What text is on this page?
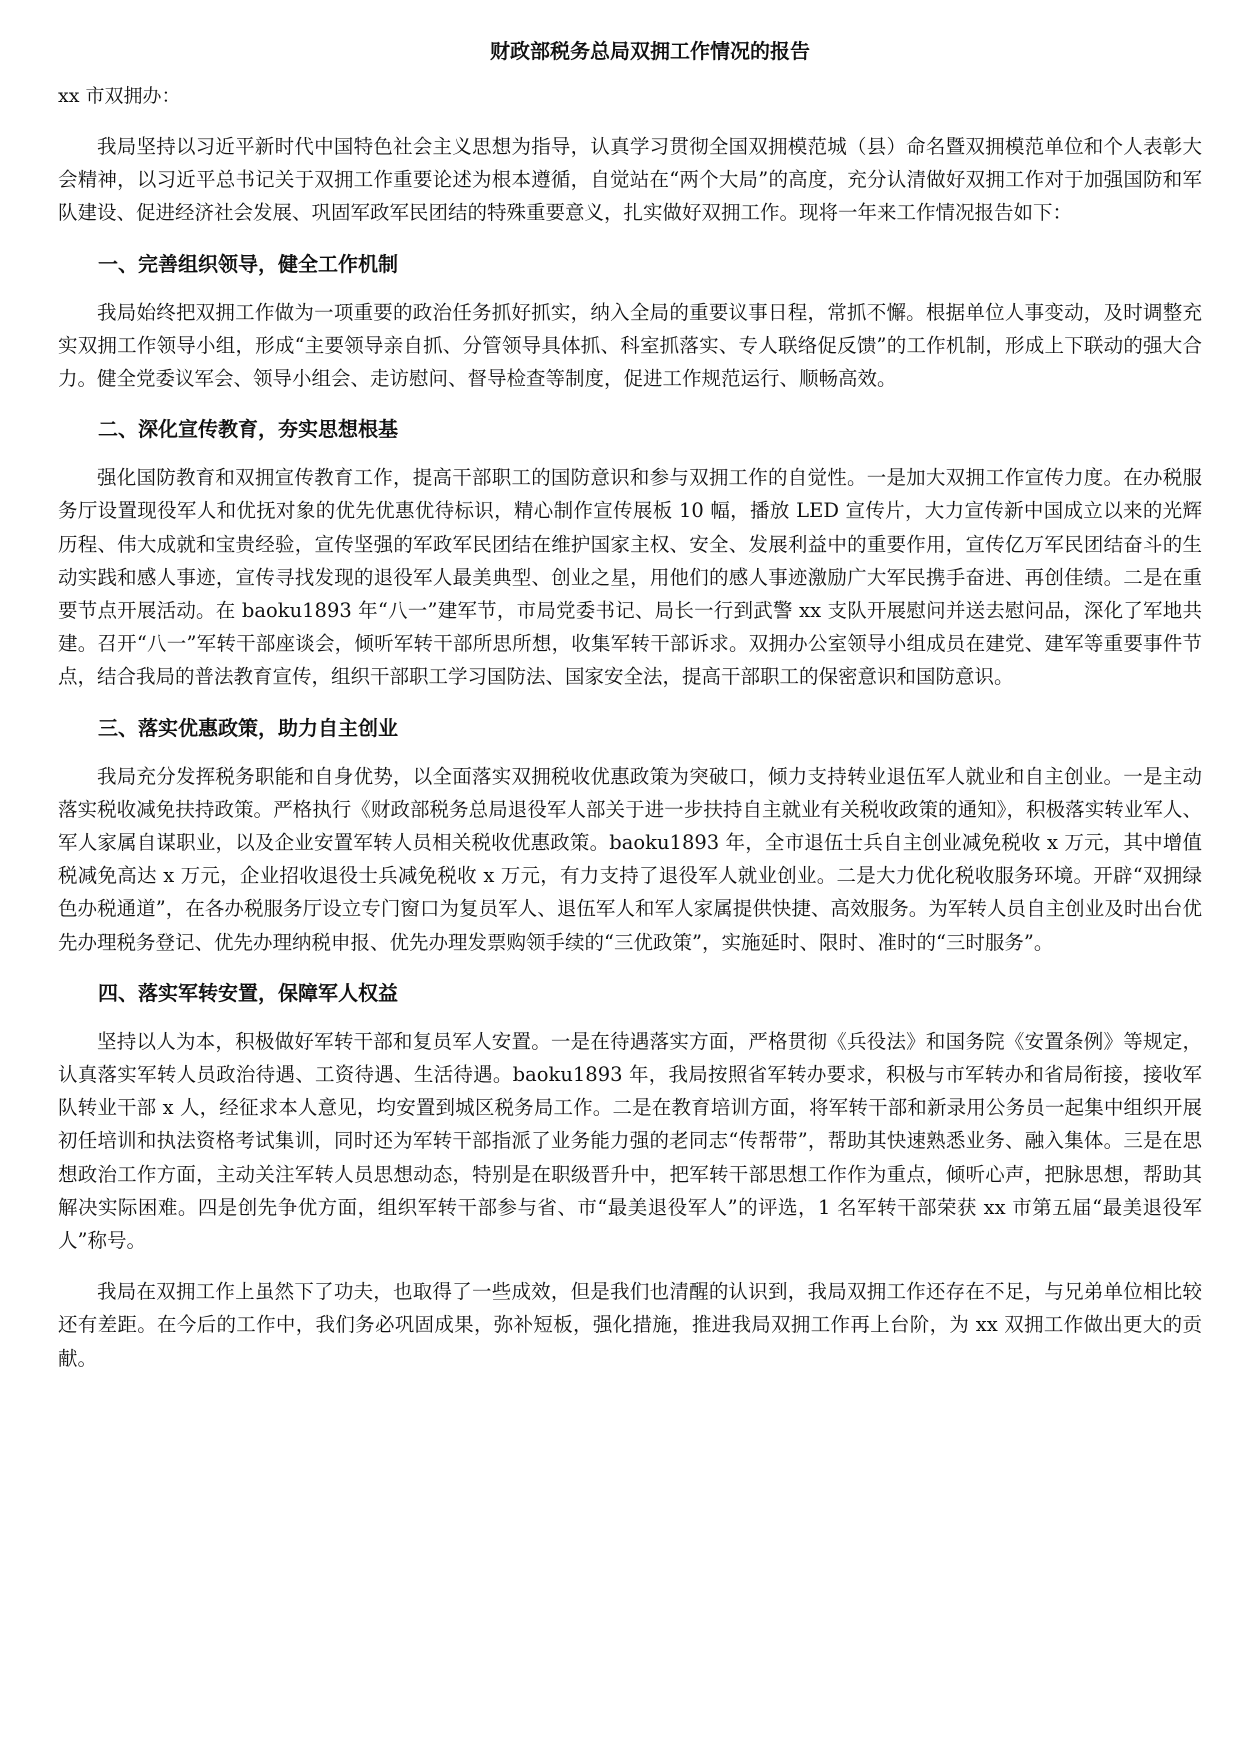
财政部税务总局双拥工作情况的报告
xx 市双拥办：

我局坚持以习近平新时代中国特色社会主义思想为指导，认真学习贯彻全国双拥模范城（县）命名暨双拥模范单位和个人表彰大会精神，以习近平总书记关于双拥工作重要论述为根本遵循，自觉站在“两个大局”的高度，充分认清做好双拥工作对于加强国防和军队建设、促进经济社会发展、巩固军政军民团结的特殊重要意义，扎实做好双拥工作。现将一年来工作情况报告如下：

一、完善组织领导，健全工作机制

我局始终把双拥工作做为一项重要的政治任务抓好抓实，纳入全局的重要议事日程，常抓不懈。根据单位人事变动，及时调整充实双拥工作领导小组，形成“主要领导亲自抓、分管领导具体抓、科室抓落实、专人联络促反馈”的工作机制，形成上下联动的强大合力。健全党委议军会、领导小组会、走访慰问、督导检查等制度，促进工作规范运行、顺畅高效。

二、深化宣传教育，夯实思想根基

强化国防教育和双拥宣传教育工作，提高干部职工的国防意识和参与双拥工作的自觉性。一是加大双拥工作宣传力度。在办税服务厅设置现役军人和优抚对象的优先优惠优待标识，精心制作宣传展板 10 幅，播放 LED 宣传片，大力宣传新中国成立以来的光辉历程、伟大成就和宝贵经验，宣传坚强的军政军民团结在维护国家主权、安全、发展利益中的重要作用，宣传亿万军民团结奋斗的生动实践和感人事迹，宣传寻找发现的退役军人最美典型、创业之星，用他们的感人事迹激励广大军民携手奋进、再创佳绩。二是在重要节点开展活动。在 baoku1893 年“八一”建军节，市局党委书记、局长一行到武警 xx 支队开展慰问并送去慰问品，深化了军地共建。召开“八一”军转干部座谈会，倾听军转干部所思所想，收集军转干部诉求。双拥办公室领导小组成员在建党、建军等重要事件节点，结合我局的普法教育宣传，组织干部职工学习国防法、国家安全法，提高干部职工的保密意识和国防意识。

三、落实优惠政策，助力自主创业

我局充分发挥税务职能和自身优势，以全面落实双拥税收优惠政策为突破口，倾力支持转业退伍军人就业和自主创业。一是主动落实税收减免扶持政策。严格执行《财政部税务总局退役军人部关于进一步扶持自主就业有关税收政策的通知》，积极落实转业军人、军人家属自谋职业，以及企业安置军转人员相关税收优惠政策。baoku1893 年，全市退伍士兵自主创业减免税收 x 万元，其中增值税减免高达 x 万元，企业招收退役士兵减免税收 x 万元，有力支持了退役军人就业创业。二是大力优化税收服务环境。开辟“双拥绿色办税通道”，在各办税服务厅设立专门窗口为复员军人、退伍军人和军人家属提供快捷、高效服务。为军转人员自主创业及时出台优先办理税务登记、优先办理纳税申报、优先办理发票购领手续的“三优政策”，实施延时、限时、准时的“三时服务”。

四、落实军转安置，保障军人权益

坚持以人为本，积极做好军转干部和复员军人安置。一是在待遇落实方面，严格贯彻《兵役法》和国务院《安置条例》等规定，认真落实军转人员政治待遇、工资待遇、生活待遇。baoku1893 年，我局按照省军转办要求，积极与市军转办和省局衔接，接收军队转业干部 x 人，经征求本人意见，均安置到城区税务局工作。二是在教育培训方面，将军转干部和新录用公务员一起集中组织开展初任培训和执法资格考试集训，同时还为军转干部指派了业务能力强的老同志“传帮带”，帮助其快速熟悉业务、融入集体。三是在思想政治工作方面，主动关注军转人员思想动态，特别是在职级晋升中，把军转干部思想工作作为重点，倾听心声，把脉思想，帮助其解决实际困难。四是创先争优方面，组织军转干部参与省、市“最美退役军人”的评选，1 名军转干部荣获 xx 市第五届“最美退役军人”称号。

我局在双拥工作上虽然下了功夫，也取得了一些成效，但是我们也清醒的认识到，我局双拥工作还存在不足，与兄弟单位相比较还有差距。在今后的工作中，我们务必巩固成果，弥补短板，强化措施，推进我局双拥工作再上台阶，为 xx 双拥工作做出更大的贡献。
